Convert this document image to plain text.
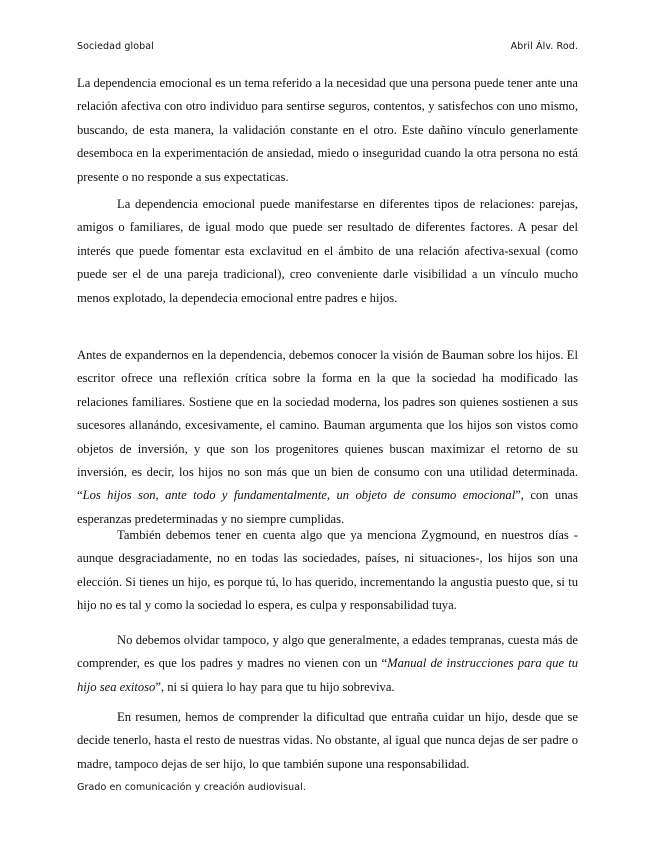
Sociedad global	Abril Álv. Rod.

La dependencia emocional es un tema referido a la necesidad que una persona puede tener ante una relación afectiva con otro individuo para sentirse seguros, contentos, y satisfechos con uno mismo, buscando, de esta manera, la validación constante en el otro. Este dañino vínculo generlamente desemboca en la experimentación de ansiedad, miedo o inseguridad cuando la otra persona no está presente o no responde a sus expectaticas.

La dependencia emocional puede manifestarse en diferentes tipos de relaciones: parejas, amigos o familiares, de igual modo que puede ser resultado de diferentes factores. A pesar del interés que puede fomentar esta exclavitud en el ámbito de una relación afectiva-sexual (como puede ser el de una pareja tradicional), creo conveniente darle visibilidad a un vínculo mucho menos explotado, la dependecia emocional entre padres e hijos.

Antes de expandernos en la dependencia, debemos conocer la visión de Bauman sobre los hijos. El escritor ofrece una reflexión crítica sobre la forma en la que la sociedad ha modificado las relaciones familiares. Sostiene que en la sociedad moderna, los padres son quienes sostienen a sus sucesores allanándo, excesivamente, el camino. Bauman argumenta que los hijos son vistos como objetos de inversión, y que son los progenitores quienes buscan maximizar el retorno de su inversión, es decir, los hijos no son más que un bien de consumo con una utilidad determinada. “Los hijos son, ante todo y fundamentalmente, un objeto de consumo emocional”, con unas esperanzas predeterminadas y no siempre cumplidas.

También debemos tener en cuenta algo que ya menciona Zygmound, en nuestros días - aunque desgraciadamente, no en todas las sociedades, países, ni situaciones-, los hijos son una elección. Si tienes un hijo, es porque tú, lo has querido, incrementando la angustia puesto que, si tu hijo no es tal y como la sociedad lo espera, es culpa y responsabilidad tuya.

No debemos olvidar tampoco, y algo que generalmente, a edades tempranas, cuesta más de comprender, es que los padres y madres no vienen con un “Manual de instrucciones para que tu hijo sea exitoso”, ni si quiera lo hay para que tu hijo sobreviva.

En resumen, hemos de comprender la dificultad que entraña cuidar un hijo, desde que se decide tenerlo, hasta el resto de nuestras vidas. No obstante, al igual que nunca dejas de ser padre o madre, tampoco dejas de ser hijo, lo que también supone una responsabilidad.

Grado en comunicación y creación audiovisual.
